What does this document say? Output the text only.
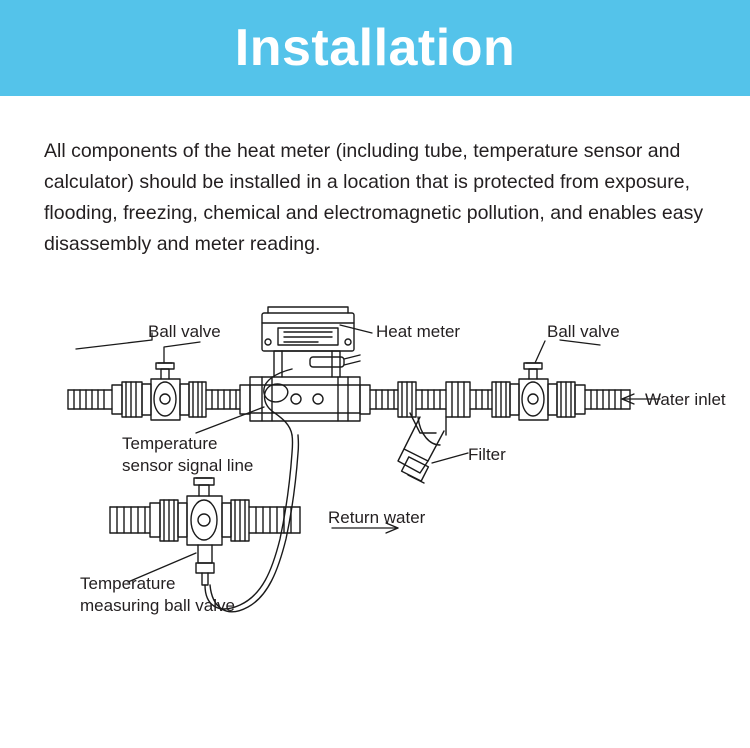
Installation

All components of the heat meter (including tube, temperature sensor and calculator) should be installed in a location that is protected from exposure, flooding, freezing, chemical and electromagnetic pollution, and enables easy disassembly and meter reading.

Ball valve	Heat meter	Ball valve
Water inlet
Filter
Temperature
sensor signal line
Return water
Temperature
measuring ball valve
